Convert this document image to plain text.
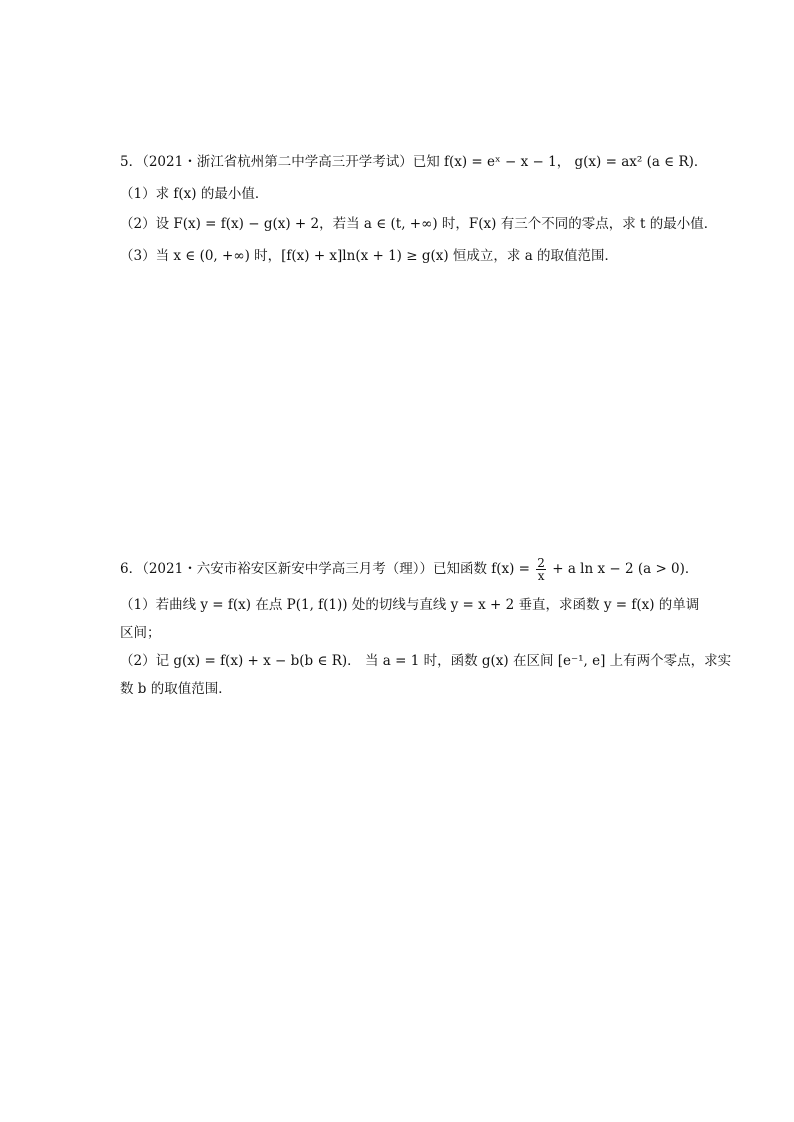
5．（2021・浙江省杭州第二中学高三开学考试）已知 f(x) = eˣ − x − 1， g(x) = ax² (a ∈ R)．
（1）求 f(x) 的最小值．
（2）设 F(x) = f(x) − g(x) + 2，若当 a ∈ (t, +∞) 时，F(x) 有三个不同的零点，求 t 的最小值．
（3）当 x ∈ (0, +∞) 时，[f(x) + x]ln(x + 1) ≥ g(x) 恒成立，求 a 的取值范围．
6．（2021・六安市裕安区新安中学高三月考（理））已知函数 $f(x) = \frac{2}{x} + a$ ln x − 2 (a > 0)．
（1）若曲线 y = f(x) 在点 P(1, f(1)) 处的切线与直线 y = x + 2 垂直，求函数 y = f(x) 的单调
区间；
（2）记 g(x) = f(x) + x − b(b ∈ R)． 当 a = 1 时，函数 g(x) 在区间 [e⁻¹, e] 上有两个零点，求实
数 b 的取值范围．
